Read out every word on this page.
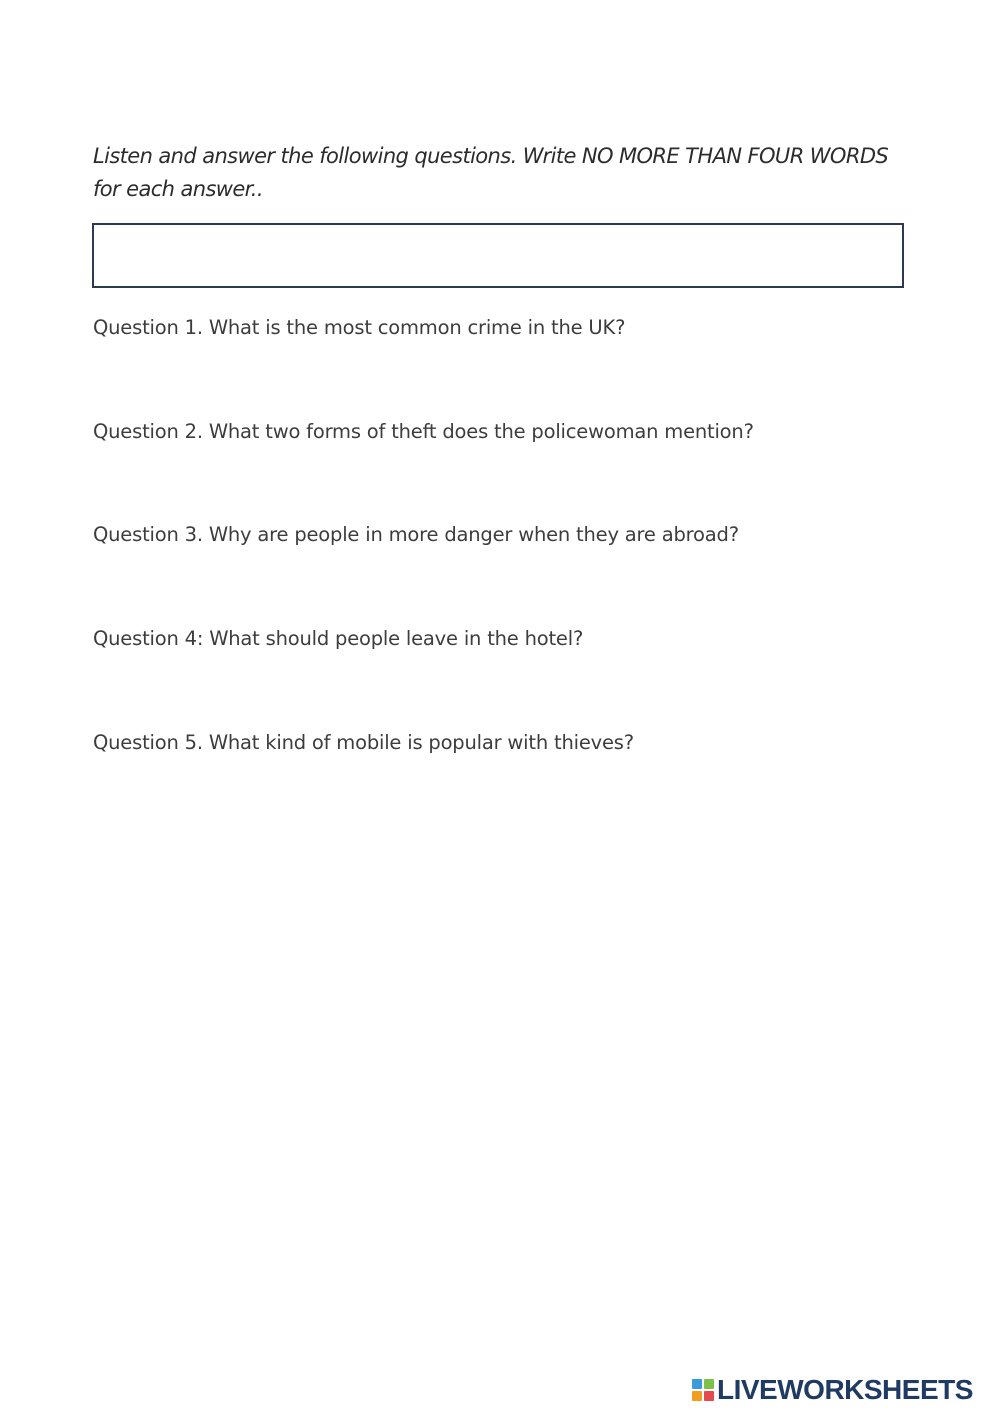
Listen and answer the following questions. Write NO MORE THAN FOUR WORDS for each answer..

Question 1. What is the most common crime in the UK?

Question 2. What two forms of theft does the policewoman mention?

Question 3. Why are people in more danger when they are abroad?

Question 4: What should people leave in the hotel?

Question 5. What kind of mobile is popular with thieves?

LIVEWORKSHEETS
